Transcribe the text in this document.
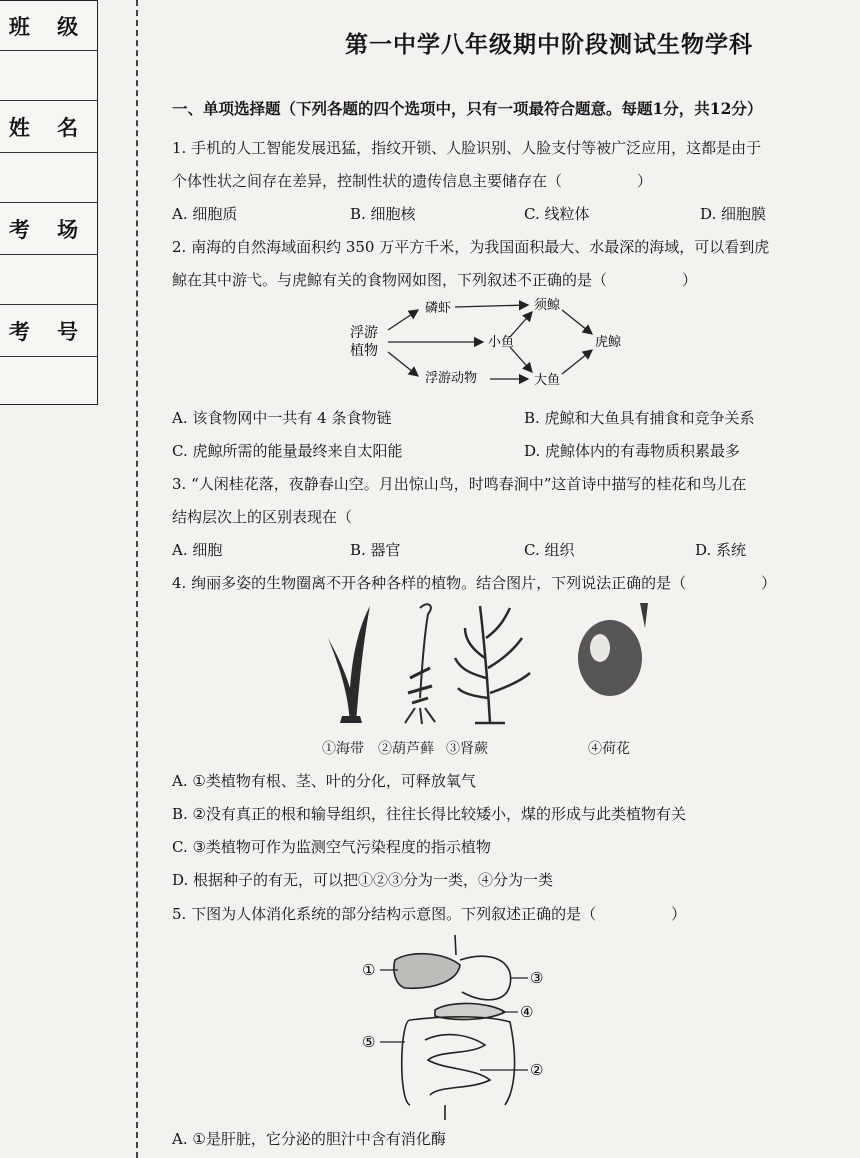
班 级
姓 名
考 场
考 号
第一中学八年级期中阶段测试生物学科
一、单项选择题（下列各题的四个选项中，只有一项最符合题意。每题1分，共12分）
1. 手机的人工智能发展迅猛，指纹开锁、人脸识别、人脸支付等被广泛应用，这都是由于
个体性状之间存在差异，控制性状的遗传信息主要储存在（　　　　　）
A. 细胞质	B. 细胞核	C. 线粒体	D. 细胞膜
2. 南海的自然海域面积约 350 万平方千米，为我国面积最大、水最深的海域，可以看到虎
鲸在其中游弋。与虎鲸有关的食物网如图，下列叙述不正确的是（　　　　　）
浮游
植物
磷虾
小鱼
浮游动物
须鲸
大鱼
虎鲸
A. 该食物网中一共有 4 条食物链	B. 虎鲸和大鱼具有捕食和竞争关系
C. 虎鲸所需的能量最终来自太阳能	D. 虎鲸体内的有毒物质积累最多
3. “人闲桂花落，夜静春山空。月出惊山鸟，时鸣春涧中”这首诗中描写的桂花和鸟儿在
结构层次上的区别表现在（
A. 细胞	B. 器官	C. 组织	D. 系统
4. 绚丽多姿的生物圈离不开各种各样的植物。结合图片，下列说法正确的是（　　　　　）
①海带 ②葫芦藓 ③肾蕨	④荷花
A. ①类植物有根、茎、叶的分化，可释放氧气
B. ②没有真正的根和输导组织，往往长得比较矮小，煤的形成与此类植物有关
C. ③类植物可作为监测空气污染程度的指示植物
D. 根据种子的有无，可以把①②③分为一类，④分为一类
5. 下图为人体消化系统的部分结构示意图。下列叙述正确的是（　　　　　）
①	③
④
⑤
②
A. ①是肝脏，它分泌的胆汁中含有消化酶
